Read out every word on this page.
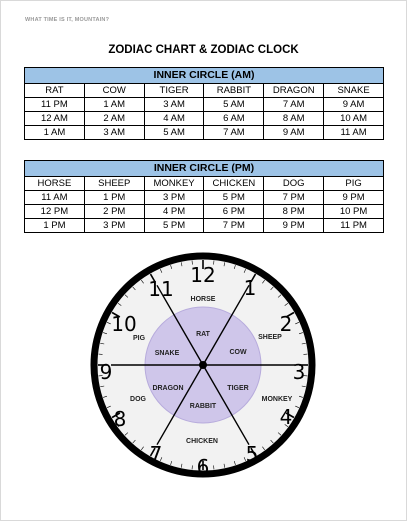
WHAT TIME IS IT, MOUNTAIN?
ZODIAC CHART & ZODIAC CLOCK
INNER CIRCLE (AM)					
RAT	COW	TIGER	RABBIT	DRAGON	SNAKE
11 PM	1 AM	3 AM	5 AM	7 AM	9 AM
12 AM	2 AM	4 AM	6 AM	8 AM	10 AM
1 AM	3 AM	5 AM	7 AM	9 AM	11 AM
INNER CIRCLE (PM)					
HORSE	SHEEP	MONKEY	CHICKEN	DOG	PIG
11 AM	1 PM	3 PM	5 PM	7 PM	9 PM
12 PM	2 PM	4 PM	6 PM	8 PM	10 PM
1 PM	3 PM	5 PM	7 PM	9 PM	11 PM
12
1
2
3
4
5
6
7
8
9
10
11
RAT
COW
TIGER
RABBIT
DRAGON
SNAKE
HORSE
SHEEP
MONKEY
CHICKEN
DOG
PIG
